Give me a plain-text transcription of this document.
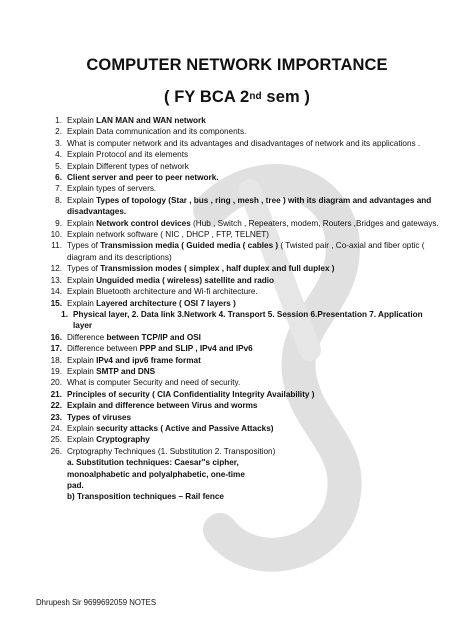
COMPUTER NETWORK IMPORTANCE
( FY BCA 2nd sem )
1. Explain LAN MAN and WAN network
2. Explain Data communication and its components.
3. What is computer network and its advantages and disadvantages of network and its applications .
4. Explain Protocol and its elements
5. Explain Different types of network
6. Client server and peer to peer network.
7. Explain types of servers.
8. Explain Types of topology (Star , bus , ring , mesh , tree ) with its diagram and advantages and disadvantages.
9. Explain Network control devices (Hub , Switch , Repeaters, modem, Routers ,Bridges and gateways.
10. Explain network software ( NIC , DHCP , FTP, TELNET)
11. Types of Transmission media ( Guided media ( cables ) ( Twisted pair , Co-axial and fiber optic ( diagram and its descriptions)
12. Types of Transmission modes ( simplex , half duplex and full duplex )
13. Explain Unguided media ( wireless) satellite and radio
14. Explain Bluetooth architecture and Wi-fi architecture.
15. Explain Layered architecture ( OSI 7 layers )
1. Physical layer, 2. Data link 3.Network 4. Transport 5. Session 6.Presentation 7. Application layer
16. Difference between TCP/IP and OSI
17. Difference between PPP and SLIP , IPv4 and IPv6
18. Explain IPv4 and ipv6 frame format
19. Explain SMTP and DNS
20. What is computer Security and need of security.
21. Principles of security ( CIA Confidentiality Integrity Availability )
22. Explain and difference between Virus and worms
23. Types of viruses
24. Explain security attacks ( Active and Passive Attacks)
25. Explain Cryptography
26. Crptography Techniques (1. Substitution 2. Transposition)
a. Substitution techniques: Caesar"s cipher,
monoalphabetic and polyalphabetic, one-time
pad.
b) Transposition techniques – Rail fence
Dhrupesh Sir 9699692059 NOTES
